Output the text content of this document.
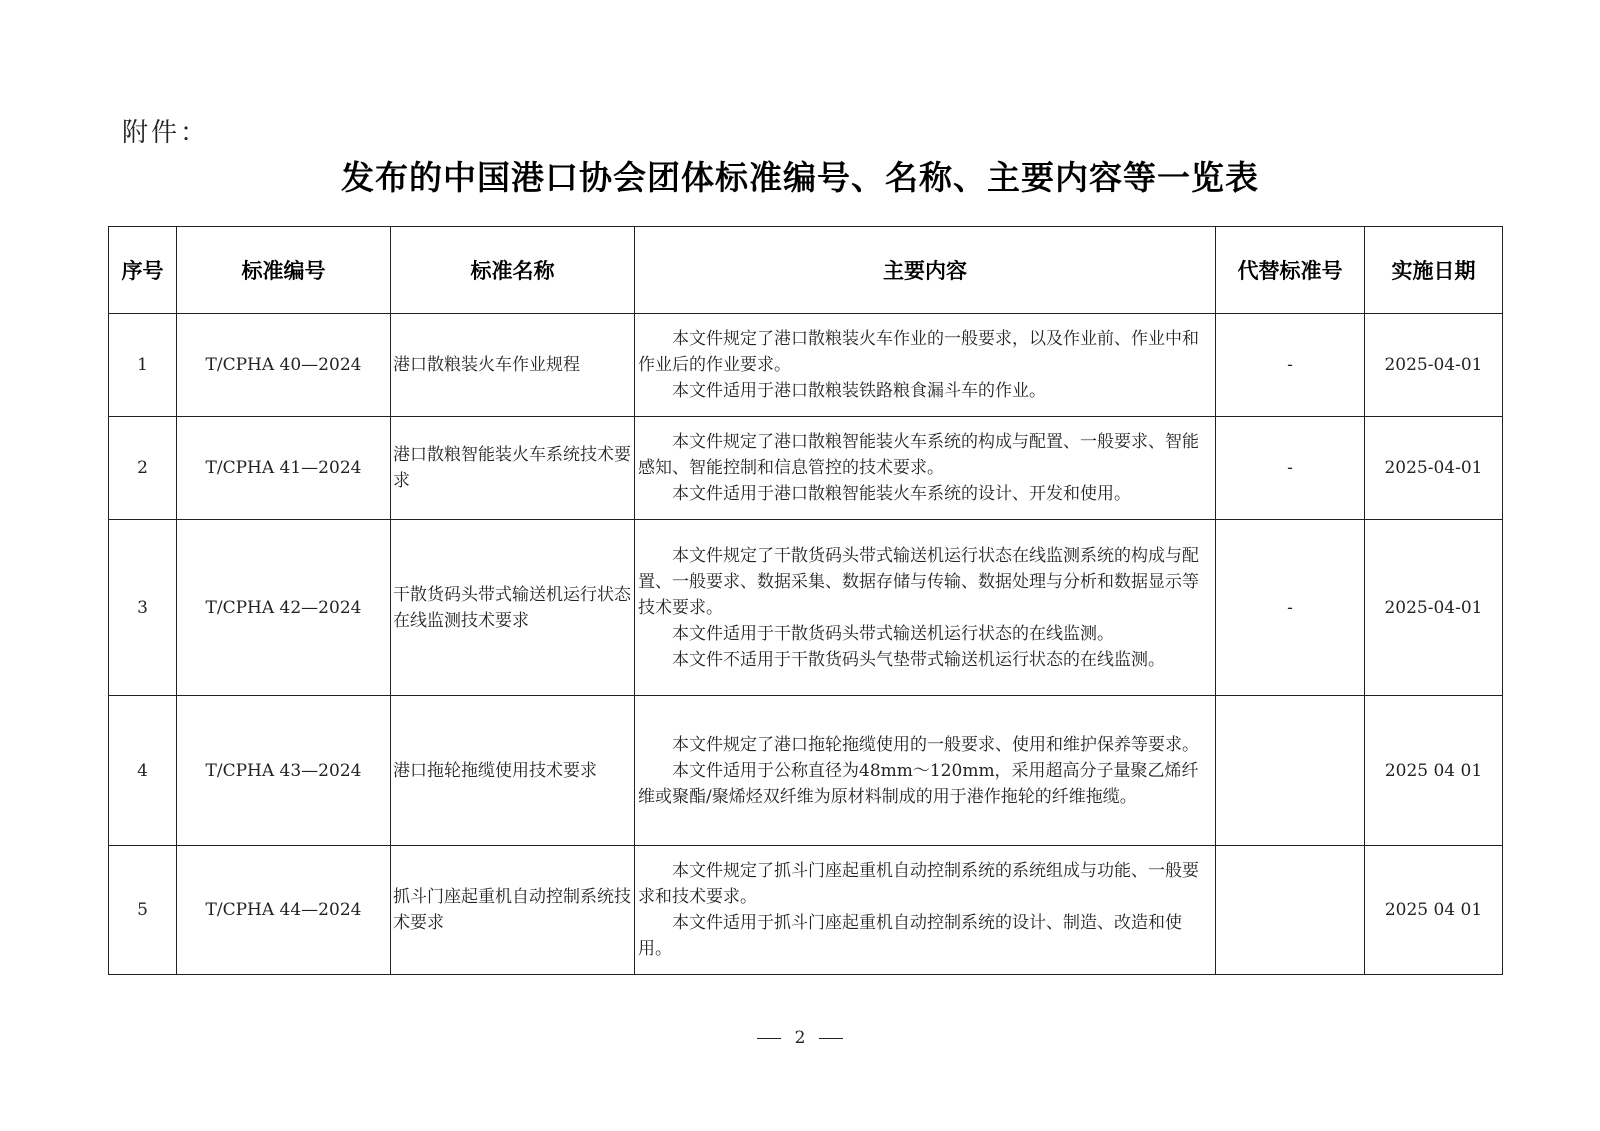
附件：
发布的中国港口协会团体标准编号、名称、主要内容等一览表
序号	标准编号	标准名称	主要内容	代替标准号	实施日期
1	T/CPHA 40—2024	港口散粮装火车作业规程	本文件规定了港口散粮装火车作业的一般要求，以及作业前、作业中和作业后的作业要求。
本文件适用于港口散粮装铁路粮食漏斗车的作业。	-	2025-04-01
2	T/CPHA 41—2024	港口散粮智能装火车系统技术要求	本文件规定了港口散粮智能装火车系统的构成与配置、一般要求、智能感知、智能控制和信息管控的技术要求。
本文件适用于港口散粮智能装火车系统的设计、开发和使用。	-	2025-04-01
3	T/CPHA 42—2024	干散货码头带式输送机运行状态在线监测技术要求	本文件规定了干散货码头带式输送机运行状态在线监测系统的构成与配置、一般要求、数据采集、数据存储与传输、数据处理与分析和数据显示等技术要求。
本文件适用于干散货码头带式输送机运行状态的在线监测。
本文件不适用于干散货码头气垫带式输送机运行状态的在线监测。	-	2025-04-01
4	T/CPHA 43—2024	港口拖轮拖缆使用技术要求	本文件规定了港口拖轮拖缆使用的一般要求、使用和维护保养等要求。
本文件适用于公称直径为48mm～120mm，采用超高分子量聚乙烯纤维或聚酯/聚烯烃双纤维为原材料制成的用于港作拖轮的纤维拖缆。		2025 04 01
5	T/CPHA 44—2024	抓斗门座起重机自动控制系统技术要求	本文件规定了抓斗门座起重机自动控制系统的系统组成与功能、一般要求和技术要求。
本文件适用于抓斗门座起重机自动控制系统的设计、制造、改造和使用。		2025 04 01
2
